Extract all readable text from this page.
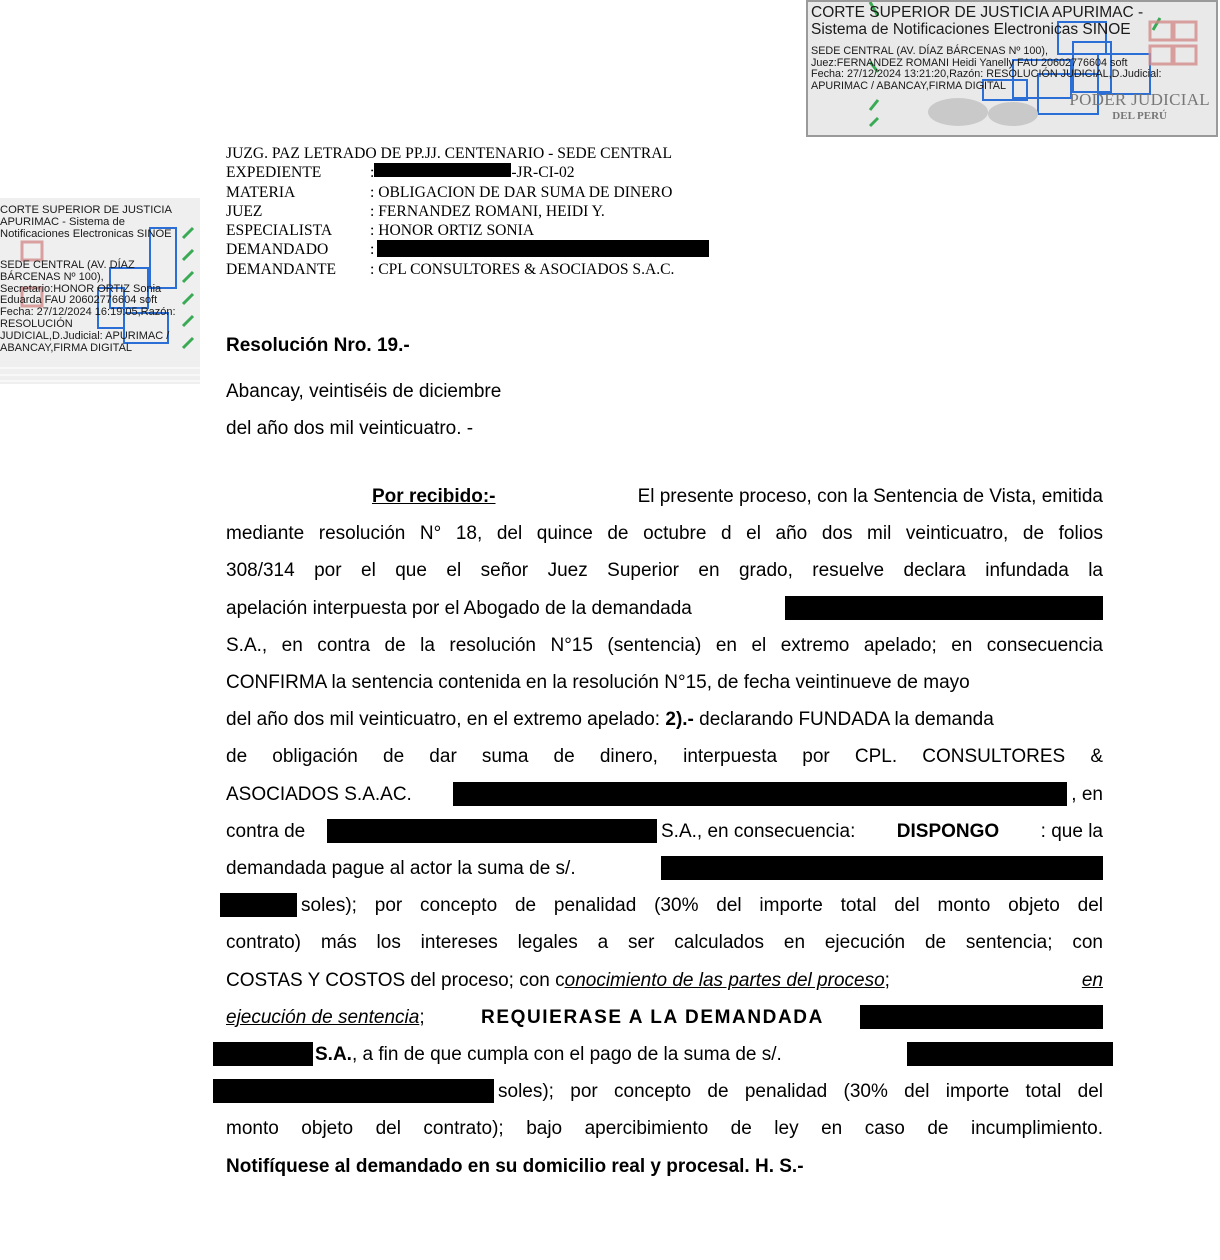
CORTE SUPERIOR DE JUSTICIA APURIMAC -
Sistema de Notificaciones Electronicas SINOE
SEDE CENTRAL (AV. DÍAZ BÁRCENAS Nº 100),
Juez:FERNANDEZ ROMANI Heidi Yanelly FAU 20602776604 soft
Fecha: 27/12/2024 13:21:20,Razón: RESOLUCIÓN JUDICIAL,D.Judicial:
APURIMAC / ABANCAY,FIRMA DIGITAL
PODER JUDICIAL
DEL PERÚ
CORTE SUPERIOR DE JUSTICIA
APURIMAC - Sistema de
Notificaciones Electronicas SINOE
SEDE CENTRAL (AV. DÍAZ
BÁRCENAS Nº 100),
Secretario:HONOR ORTIZ Sonia
Eduarda FAU 20602776604 soft
Fecha: 27/12/2024 16:19:05,Razón:
RESOLUCIÓN
JUDICIAL,D.Judicial: APURIMAC /
ABANCAY,FIRMA DIGITAL
JUZG. PAZ LETRADO DE PP.JJ. CENTENARIO - SEDE CENTRAL
EXPEDIENTE	:	-JR-CI-02
MATERIA	: OBLIGACION DE DAR SUMA DE DINERO
JUEZ	: FERNANDEZ ROMANI, HEIDI Y.
ESPECIALISTA	: HONOR ORTIZ SONIA
DEMANDADO	:
DEMANDANTE	: CPL CONSULTORES & ASOCIADOS S.A.C.
Resolución Nro. 19.-
Abancay, veintiséis de diciembre
del año dos mil veinticuatro. -
Por recibido:-	El presente proceso, con la Sentencia de Vista, emitida
mediante resolución N° 18, del quince de octubre d el año dos mil veinticuatro, de folios
308/314 por el que el señor Juez Superior en grado, resuelve declara infundada la
apelación interpuesta por el Abogado de la demandada
S.A., en contra de la resolución N°15 (sentencia) en el extremo apelado; en consecuencia
CONFIRMA la sentencia contenida en la resolución N°15, de fecha veintinueve de mayo
del año dos mil veinticuatro, en el extremo apelado: 2).- declarando FUNDADA la demanda
de obligación de dar suma de dinero, interpuesta por CPL. CONSULTORES &
ASOCIADOS S.A.AC.	, en
contra de	S.A., en consecuencia: DISPONGO : que la
demandada pague al actor la suma de s/.
soles); por concepto de penalidad (30% del importe total del monto objeto del
contrato) más los intereses legales a ser calculados en ejecución de sentencia; con
COSTAS Y COSTOS del proceso; con conocimiento de las partes del proceso;	en
ejecución de sentencia;	REQUIERASE A LA DEMANDADA
S.A., a fin de que cumpla con el pago de la suma de s/.
soles); por concepto de penalidad (30% del importe total del
monto objeto del contrato); bajo apercibimiento de ley en caso de incumplimiento.
Notifíquese al demandado en su domicilio real y procesal. H. S.-
